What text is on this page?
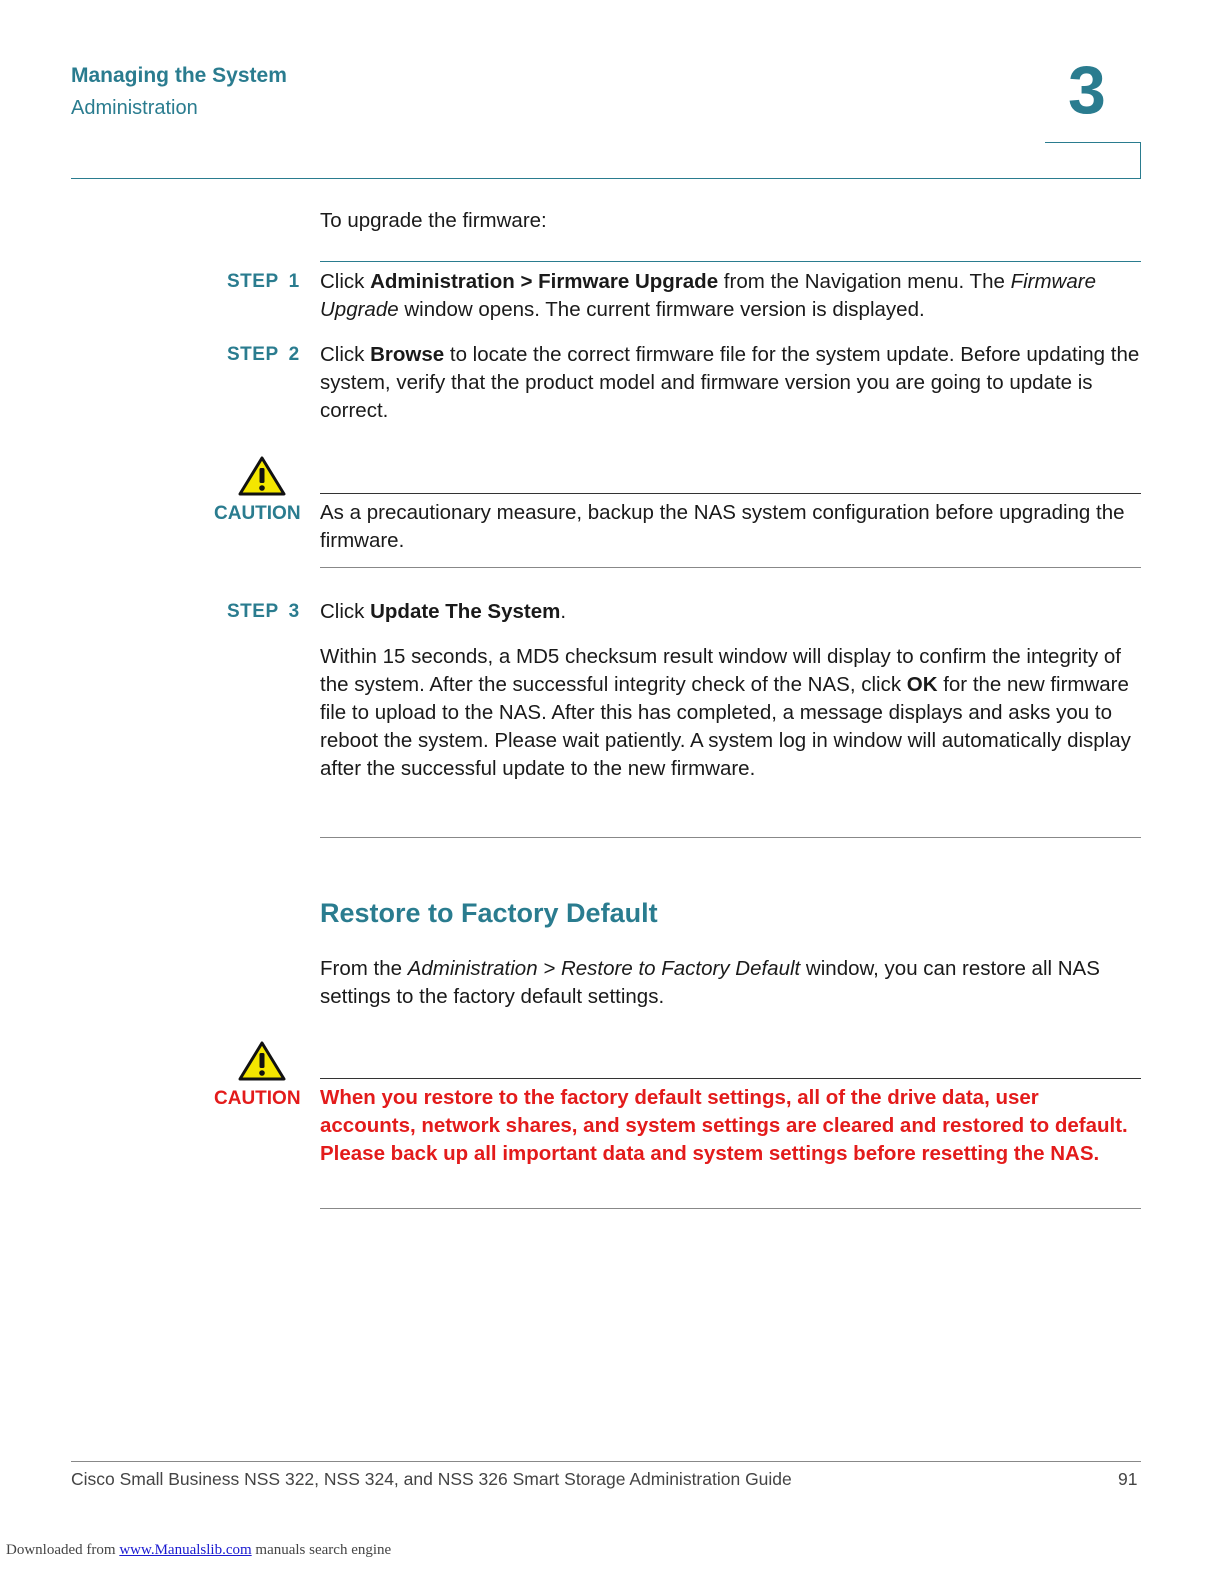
Managing the System
Administration	3
To upgrade the firmware:
STEP 1 Click Administration > Firmware Upgrade from the Navigation menu. The Firmware Upgrade window opens. The current firmware version is displayed.
STEP 2 Click Browse to locate the correct firmware file for the system update. Before updating the system, verify that the product model and firmware version you are going to update is correct.
CAUTION As a precautionary measure, backup the NAS system configuration before upgrading the firmware.
STEP 3 Click Update The System.
Within 15 seconds, a MD5 checksum result window will display to confirm the integrity of the system. After the successful integrity check of the NAS, click OK for the new firmware file to upload to the NAS. After this has completed, a message displays and asks you to reboot the system. Please wait patiently. A system log in window will automatically display after the successful update to the new firmware.
Restore to Factory Default
From the Administration > Restore to Factory Default window, you can restore all NAS settings to the factory default settings.
CAUTION When you restore to the factory default settings, all of the drive data, user accounts, network shares, and system settings are cleared and restored to default. Please back up all important data and system settings before resetting the NAS.
Cisco Small Business NSS 322, NSS 324, and NSS 326 Smart Storage Administration Guide	91
Downloaded from www.Manualslib.com manuals search engine
